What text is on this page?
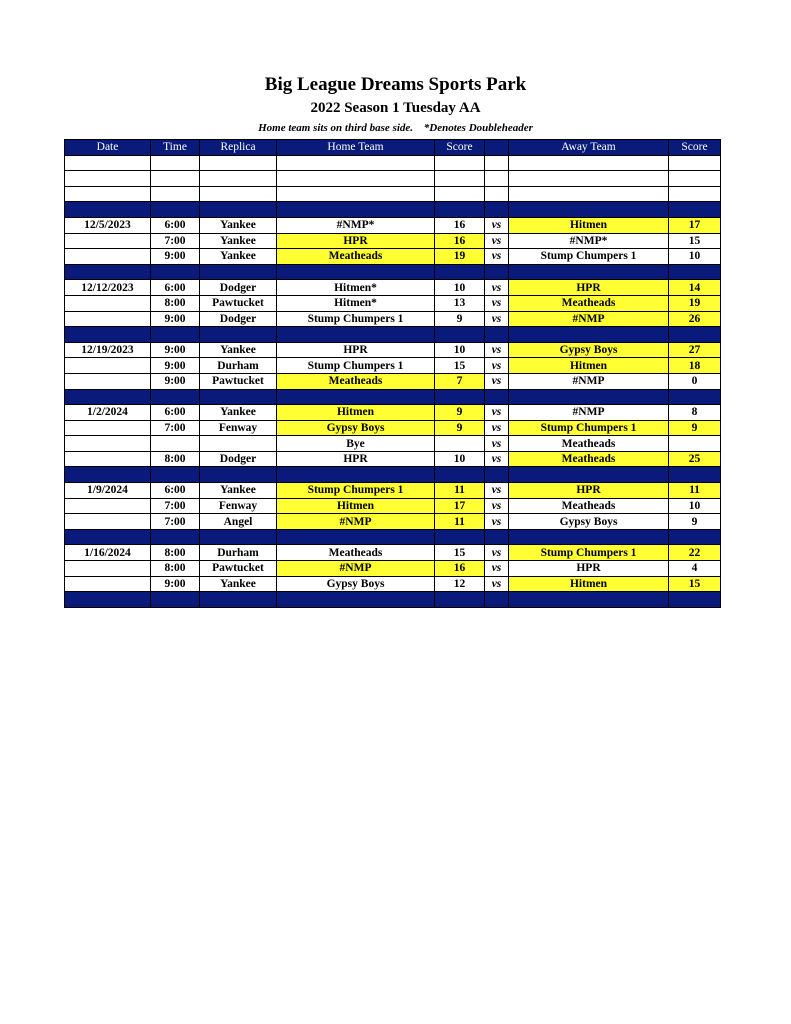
Big League Dreams Sports Park
2022 Season 1 Tuesday AA
Home team sits on third base side. *Denotes Doubleheader
Date	Time	Replica	Home Team	Score		Away Team	Score

12/5/2023	6:00	Yankee	#NMP*	16	vs	Hitmen	17
	7:00	Yankee	HPR	16	vs	#NMP*	15
	9:00	Yankee	Meatheads	19	vs	Stump Chumpers 1	10

12/12/2023	6:00	Dodger	Hitmen*	10	vs	HPR	14
	8:00	Pawtucket	Hitmen*	13	vs	Meatheads	19
	9:00	Dodger	Stump Chumpers 1	9	vs	#NMP	26

12/19/2023	9:00	Yankee	HPR	10	vs	Gypsy Boys	27
	9:00	Durham	Stump Chumpers 1	15	vs	Hitmen	18
	9:00	Pawtucket	Meatheads	7	vs	#NMP	0

1/2/2024	6:00	Yankee	Hitmen	9	vs	#NMP	8
	7:00	Fenway	Gypsy Boys	9	vs	Stump Chumpers 1	9
			Bye		vs	Meatheads	
	8:00	Dodger	HPR	10	vs	Meatheads	25

1/9/2024	6:00	Yankee	Stump Chumpers 1	11	vs	HPR	11
	7:00	Fenway	Hitmen	17	vs	Meatheads	10
	7:00	Angel	#NMP	11	vs	Gypsy Boys	9

1/16/2024	8:00	Durham	Meatheads	15	vs	Stump Chumpers 1	22
	8:00	Pawtucket	#NMP	16	vs	HPR	4
	9:00	Yankee	Gypsy Boys	12	vs	Hitmen	15
